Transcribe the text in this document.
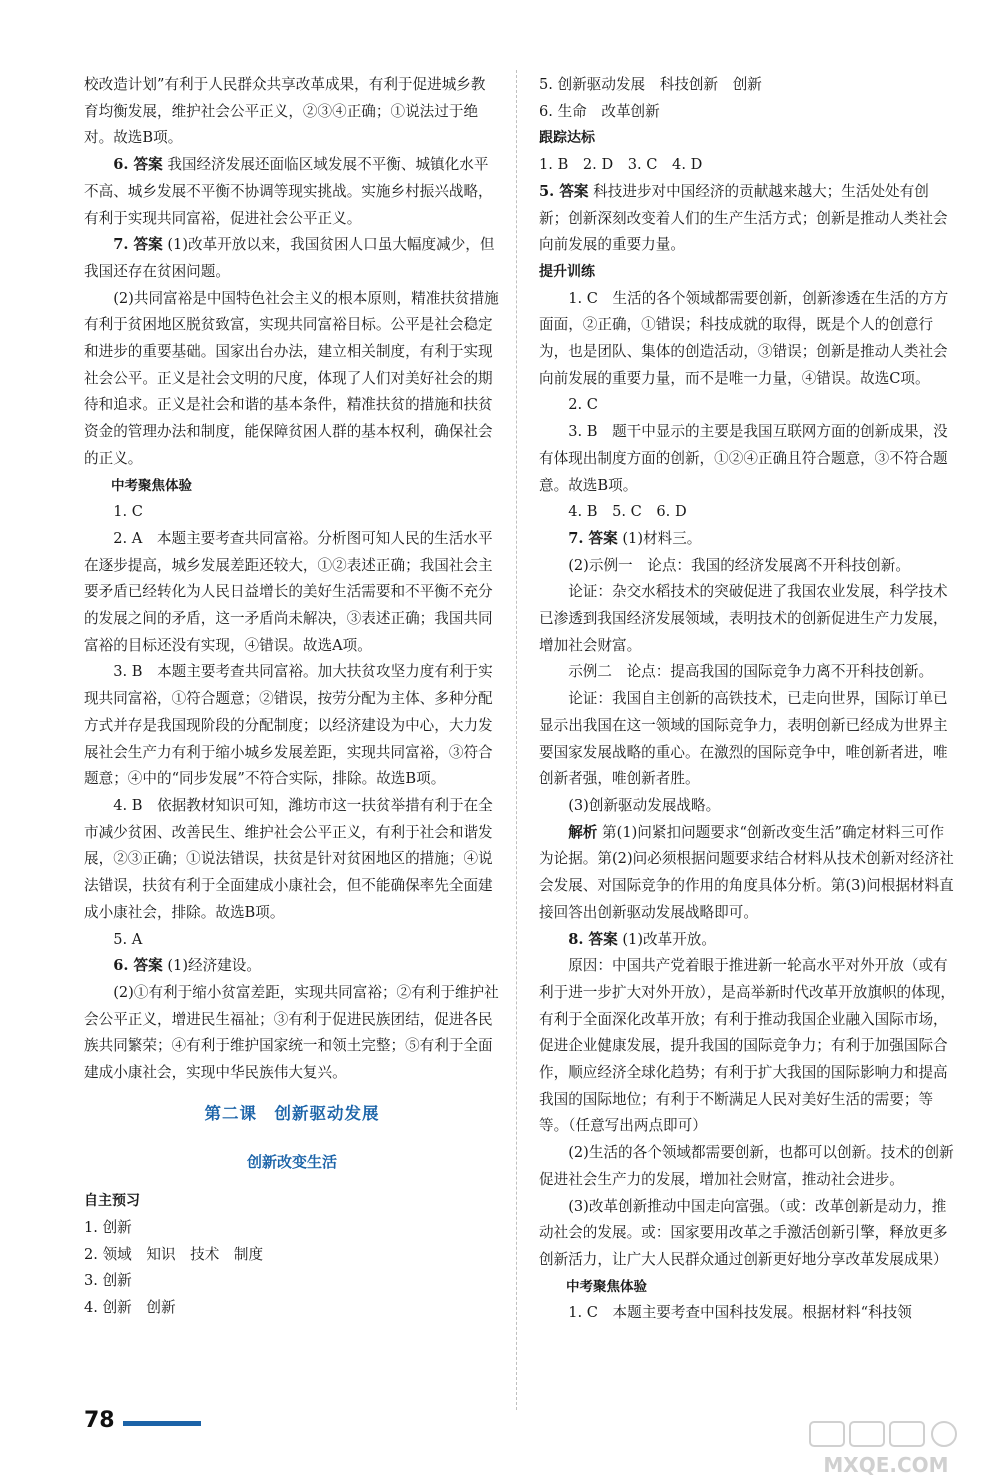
校改造计划”有利于人民群众共享改革成果，有利于促进城乡教育均衡发展，维护社会公平正义，②③④正确；①说法过于绝对。故选B项。

6. 答案 我国经济发展还面临区域发展不平衡、城镇化水平不高、城乡发展不平衡不协调等现实挑战。实施乡村振兴战略，有利于实现共同富裕，促进社会公平正义。

7. 答案 (1)改革开放以来，我国贫困人口虽大幅度减少，但我国还存在贫困问题。

(2)共同富裕是中国特色社会主义的根本原则，精准扶贫措施有利于贫困地区脱贫致富，实现共同富裕目标。公平是社会稳定和进步的重要基础。国家出台办法，建立相关制度，有利于实现社会公平。正义是社会文明的尺度，体现了人们对美好社会的期待和追求。正义是社会和谐的基本条件，精准扶贫的措施和扶贫资金的管理办法和制度，能保障贫困人群的基本权利，确保社会的正义。

中考聚焦体验

1. C

2. A　本题主要考查共同富裕。分析图可知人民的生活水平在逐步提高，城乡发展差距还较大，①②表述正确；我国社会主要矛盾已经转化为人民日益增长的美好生活需要和不平衡不充分的发展之间的矛盾，这一矛盾尚未解决，③表述正确；我国共同富裕的目标还没有实现，④错误。故选A项。

3. B　本题主要考查共同富裕。加大扶贫攻坚力度有利于实现共同富裕，①符合题意；②错误，按劳分配为主体、多种分配方式并存是我国现阶段的分配制度；以经济建设为中心，大力发展社会生产力有利于缩小城乡发展差距，实现共同富裕，③符合题意；④中的“同步发展”不符合实际，排除。故选B项。

4. B　依据教材知识可知，潍坊市这一扶贫举措有利于在全市减少贫困、改善民生、维护社会公平正义，有利于社会和谐发展，②③正确；①说法错误，扶贫是针对贫困地区的措施；④说法错误，扶贫有利于全面建成小康社会，但不能确保率先全面建成小康社会，排除。故选B项。

5. A

6. 答案 (1)经济建设。

(2)①有利于缩小贫富差距，实现共同富裕；②有利于维护社会公平正义，增进民生福祉；③有利于促进民族团结，促进各民族共同繁荣；④有利于维护国家统一和领土完整；⑤有利于全面建成小康社会，实现中华民族伟大复兴。

第二课　创新驱动发展

创新改变生活

自主预习

1. 创新

2. 领域　知识　技术　制度

3. 创新

4. 创新　创新

5. 创新驱动发展　科技创新　创新

6. 生命　改革创新

跟踪达标

1. B　2. D　3. C　4. D

5. 答案 科技进步对中国经济的贡献越来越大；生活处处有创新；创新深刻改变着人们的生产生活方式；创新是推动人类社会向前发展的重要力量。

提升训练

1. C　生活的各个领域都需要创新，创新渗透在生活的方方面面，②正确，①错误；科技成就的取得，既是个人的创意行为，也是团队、集体的创造活动，③错误；创新是推动人类社会向前发展的重要力量，而不是唯一力量，④错误。故选C项。

2. C

3. B　题干中显示的主要是我国互联网方面的创新成果，没有体现出制度方面的创新，①②④正确且符合题意，③不符合题意。故选B项。

4. B　5. C　6. D

7. 答案 (1)材料三。

(2)示例一　论点：我国的经济发展离不开科技创新。

论证：杂交水稻技术的突破促进了我国农业发展，科学技术已渗透到我国经济发展领域，表明技术的创新促进生产力发展，增加社会财富。

示例二　论点：提高我国的国际竞争力离不开科技创新。

论证：我国自主创新的高铁技术，已走向世界，国际订单已显示出我国在这一领域的国际竞争力，表明创新已经成为世界主要国家发展战略的重心。在激烈的国际竞争中，唯创新者进，唯创新者强，唯创新者胜。

(3)创新驱动发展战略。

解析 第(1)问紧扣问题要求“创新改变生活”确定材料三可作为论据。第(2)问必须根据问题要求结合材料从技术创新对经济社会发展、对国际竞争的作用的角度具体分析。第(3)问根据材料直接回答出创新驱动发展战略即可。

8. 答案 (1)改革开放。

原因：中国共产党着眼于推进新一轮高水平对外开放（或有利于进一步扩大对外开放），是高举新时代改革开放旗帜的体现，有利于全面深化改革开放；有利于推动我国企业融入国际市场，促进企业健康发展，提升我国的国际竞争力；有利于加强国际合作，顺应经济全球化趋势；有利于扩大我国的国际影响力和提高我国的国际地位；有利于不断满足人民对美好生活的需要；等等。（任意写出两点即可）

(2)生活的各个领域都需要创新，也都可以创新。技术的创新促进社会生产力的发展，增加社会财富，推动社会进步。

(3)改革创新推动中国走向富强。（或：改革创新是动力，推动社会的发展。或：国家要用改革之手激活创新引擎，释放更多创新活力，让广大人民群众通过创新更好地分享改革发展成果）

中考聚焦体验

1. C　本题主要考查中国科技发展。根据材料“科技领

78
MXQE.COM
